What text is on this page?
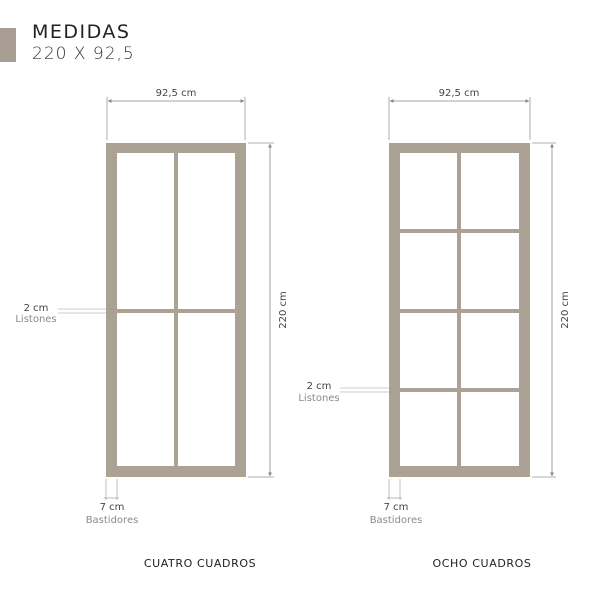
MEDIDAS
220 X 92,5
92,5 cm
220 cm
2 cm
Listones
7 cm
Bastidores
CUATRO CUADROS
92,5 cm
220 cm
2 cm
Listones
7 cm
Bastidores
OCHO CUADROS
